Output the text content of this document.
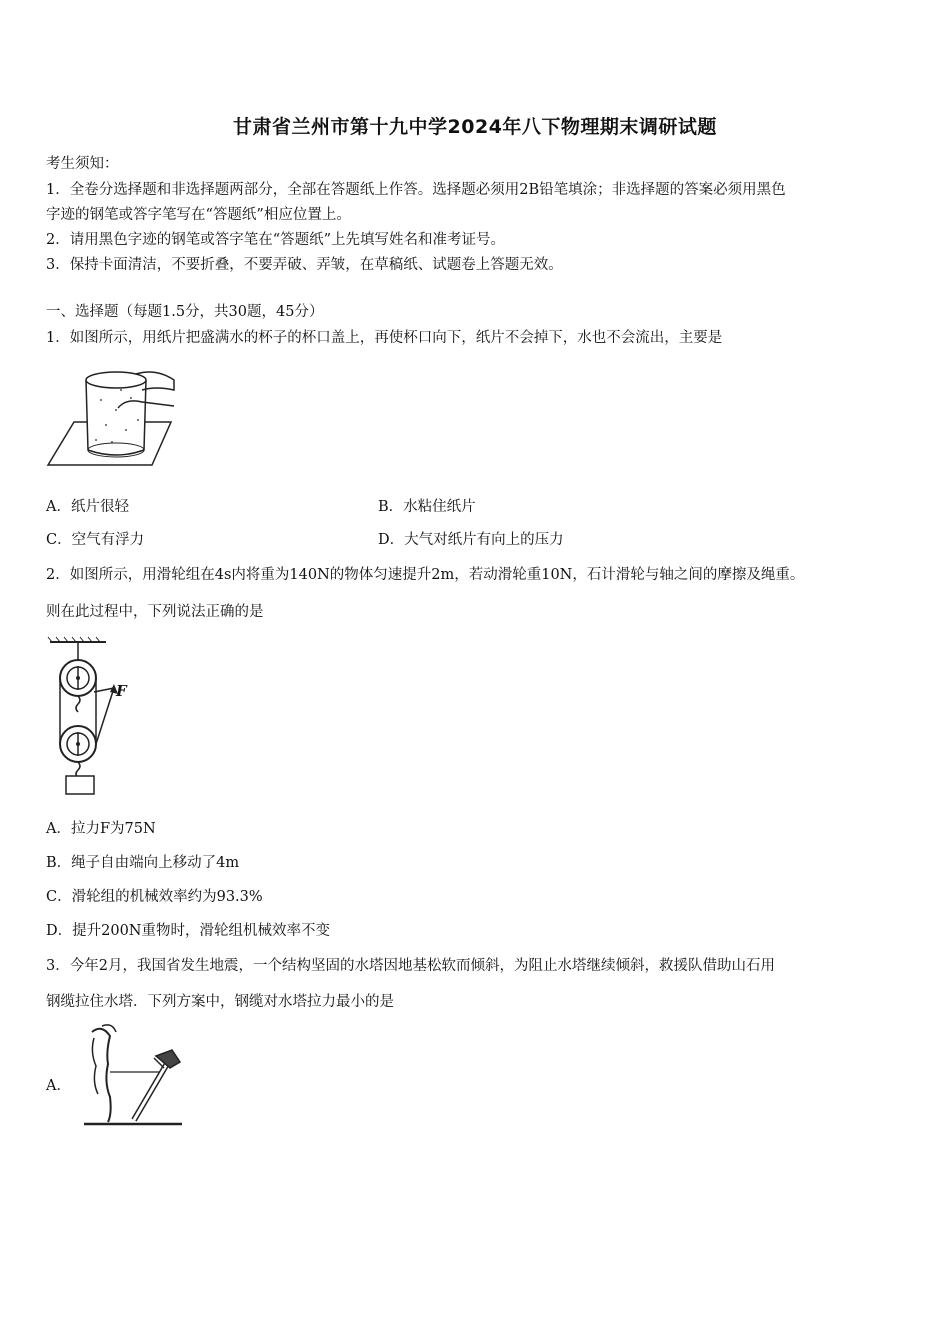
甘肃省兰州市第十九中学2024年八下物理期末调研试题
考生须知：
1．全卷分选择题和非选择题两部分，全部在答题纸上作答。选择题必须用2B铅笔填涂；非选择题的答案必须用黑色
字迹的钢笔或答字笔写在“答题纸”相应位置上。
2．请用黑色字迹的钢笔或答字笔在“答题纸”上先填写姓名和准考证号。
3．保持卡面清洁，不要折叠，不要弄破、弄皱，在草稿纸、试题卷上答题无效。
一、选择题（每题1.5分，共30题，45分）
1．如图所示，用纸片把盛满水的杯子的杯口盖上，再使杯口向下，纸片不会掉下，水也不会流出，主要是
A．纸片很轻	B．水粘住纸片
C．空气有浮力	D．大气对纸片有向上的压力
2．如图所示，用滑轮组在4s内将重为140N的物体匀速提升2m，若动滑轮重10N，石计滑轮与轴之间的摩擦及绳重。
则在此过程中，下列说法正确的是
F
A．拉力F为75N
B．绳子自由端向上移动了4m
C．滑轮组的机械效率约为93.3%
D．提升200N重物时，滑轮组机械效率不变
3．今年2月，我国省发生地震，一个结构坚固的水塔因地基松软而倾斜，为阻止水塔继续倾斜，救援队借助山石用
钢缆拉住水塔．下列方案中，钢缆对水塔拉力最小的是
A．
